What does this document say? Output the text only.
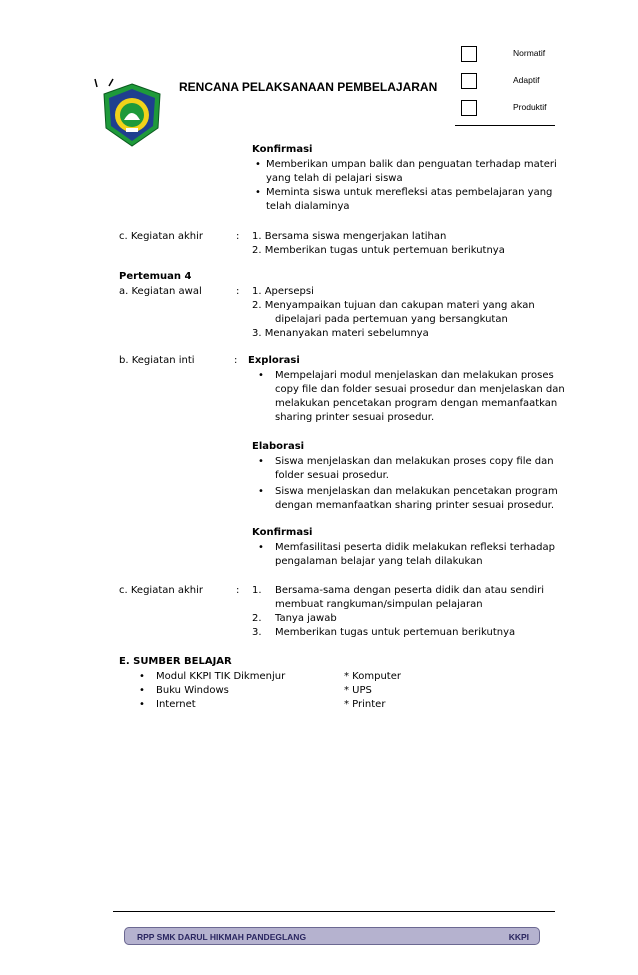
RENCANA PELAKSANAAN PEMBELAJARAN
Normatif
Adaptif
Produktif
Konfirmasi
• Memberikan umpan balik dan penguatan terhadap materi
yang telah di pelajari siswa
• Meminta siswa untuk merefleksi atas pembelajaran yang
telah dialaminya
c. Kegiatan akhir	: 1. Bersama siswa mengerjakan latihan
2. Memberikan tugas untuk pertemuan berikutnya
Pertemuan 4
a. Kegiatan awal	: 1. Apersepsi
2. Menyampaikan tujuan dan cakupan materi yang akan
dipelajari pada pertemuan yang bersangkutan
3. Menanyakan materi sebelumnya
b. Kegiatan inti	: Explorasi
• Mempelajari modul menjelaskan dan melakukan proses
copy file dan folder sesuai prosedur dan menjelaskan dan
melakukan pencetakan program dengan memanfaatkan
sharing printer sesuai prosedur.
Elaborasi
• Siswa menjelaskan dan melakukan proses copy file dan
folder sesuai prosedur.
• Siswa menjelaskan dan melakukan pencetakan program
dengan memanfaatkan sharing printer sesuai prosedur.
Konfirmasi
• Memfasilitasi peserta didik melakukan refleksi terhadap
pengalaman belajar yang telah dilakukan
c. Kegiatan akhir	: 1. Bersama-sama dengan peserta didik dan atau sendiri
membuat rangkuman/simpulan pelajaran
2. Tanya jawab
3. Memberikan tugas untuk pertemuan berikutnya
E. SUMBER BELAJAR
• Modul KKPI TIK Dikmenjur	* Komputer
• Buku Windows	* UPS
• Internet	* Printer
RPP SMK DARUL HIKMAH PANDEGLANG	KKPI
